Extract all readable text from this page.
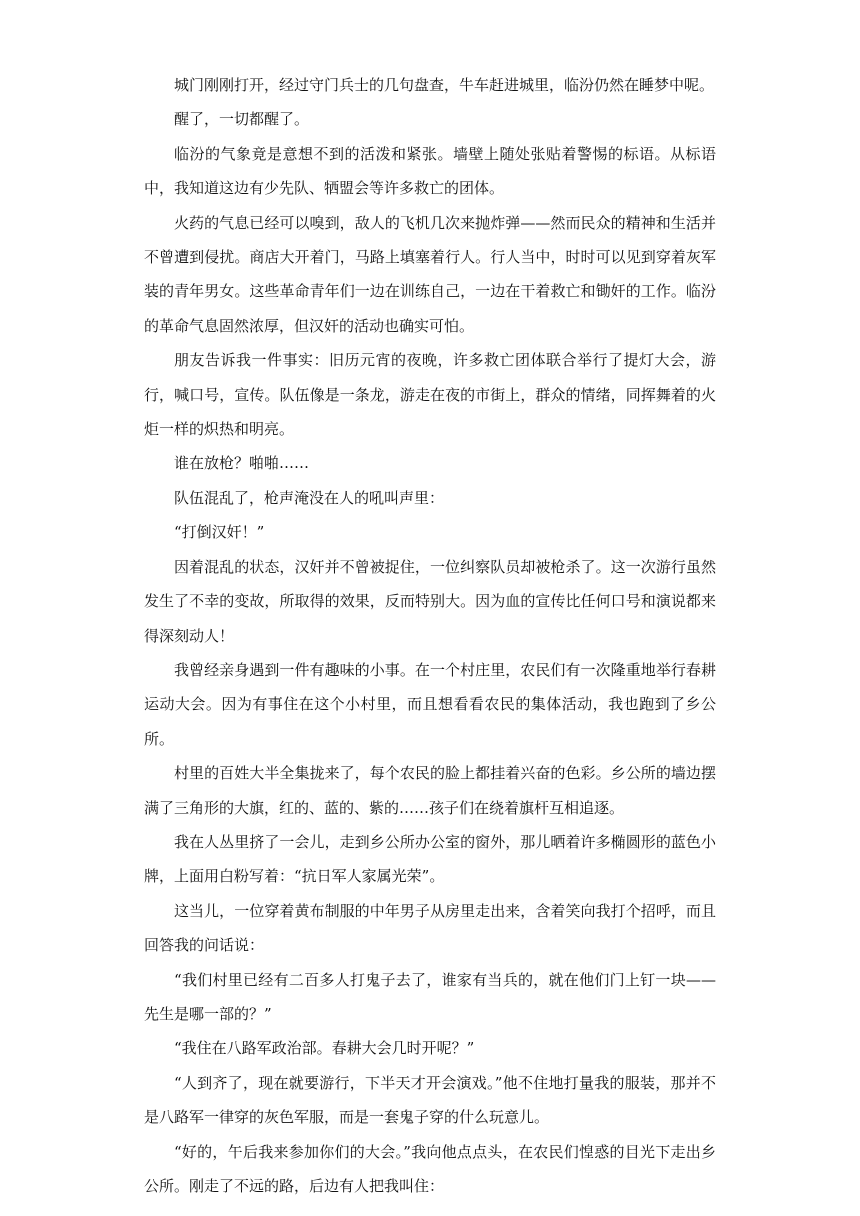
城门刚刚打开，经过守门兵士的几句盘查，牛车赶进城里，临汾仍然在睡梦中呢。

醒了，一切都醒了。

临汾的气象竟是意想不到的活泼和紧张。墙壁上随处张贴着警惕的标语。从标语中，我知道这边有少先队、牺盟会等许多救亡的团体。

火药的气息已经可以嗅到，敌人的飞机几次来抛炸弹——然而民众的精神和生活并不曾遭到侵扰。商店大开着门，马路上填塞着行人。行人当中，时时可以见到穿着灰军装的青年男女。这些革命青年们一边在训练自己，一边在干着救亡和锄奸的工作。临汾的革命气息固然浓厚，但汉奸的活动也确实可怕。

朋友告诉我一件事实：旧历元宵的夜晚，许多救亡团体联合举行了提灯大会，游行，喊口号，宣传。队伍像是一条龙，游走在夜的市街上，群众的情绪，同挥舞着的火炬一样的炽热和明亮。

谁在放枪？啪啪……

队伍混乱了，枪声淹没在人的吼叫声里：

“打倒汉奸！”

因着混乱的状态，汉奸并不曾被捉住，一位纠察队员却被枪杀了。这一次游行虽然发生了不幸的变故，所取得的效果，反而特别大。因为血的宣传比任何口号和演说都来得深刻动人！

我曾经亲身遇到一件有趣味的小事。在一个村庄里，农民们有一次隆重地举行春耕运动大会。因为有事住在这个小村里，而且想看看农民的集体活动，我也跑到了乡公所。

村里的百姓大半全集拢来了，每个农民的脸上都挂着兴奋的色彩。乡公所的墙边摆满了三角形的大旗，红的、蓝的、紫的……孩子们在绕着旗杆互相追逐。

我在人丛里挤了一会儿，走到乡公所办公室的窗外，那儿晒着许多椭圆形的蓝色小牌，上面用白粉写着：“抗日军人家属光荣”。

这当儿，一位穿着黄布制服的中年男子从房里走出来，含着笑向我打个招呼，而且回答我的问话说：

“我们村里已经有二百多人打鬼子去了，谁家有当兵的，就在他们门上钉一块——先生是哪一部的？”

“我住在八路军政治部。春耕大会几时开呢？”

“人到齐了，现在就要游行，下半天才开会演戏。”他不住地打量我的服装，那并不是八路军一律穿的灰色军服，而是一套鬼子穿的什么玩意儿。

“好的，午后我来参加你们的大会。”我向他点点头，在农民们惶惑的目光下走出乡公所。刚走了不远的路，后边有人把我叫住：
